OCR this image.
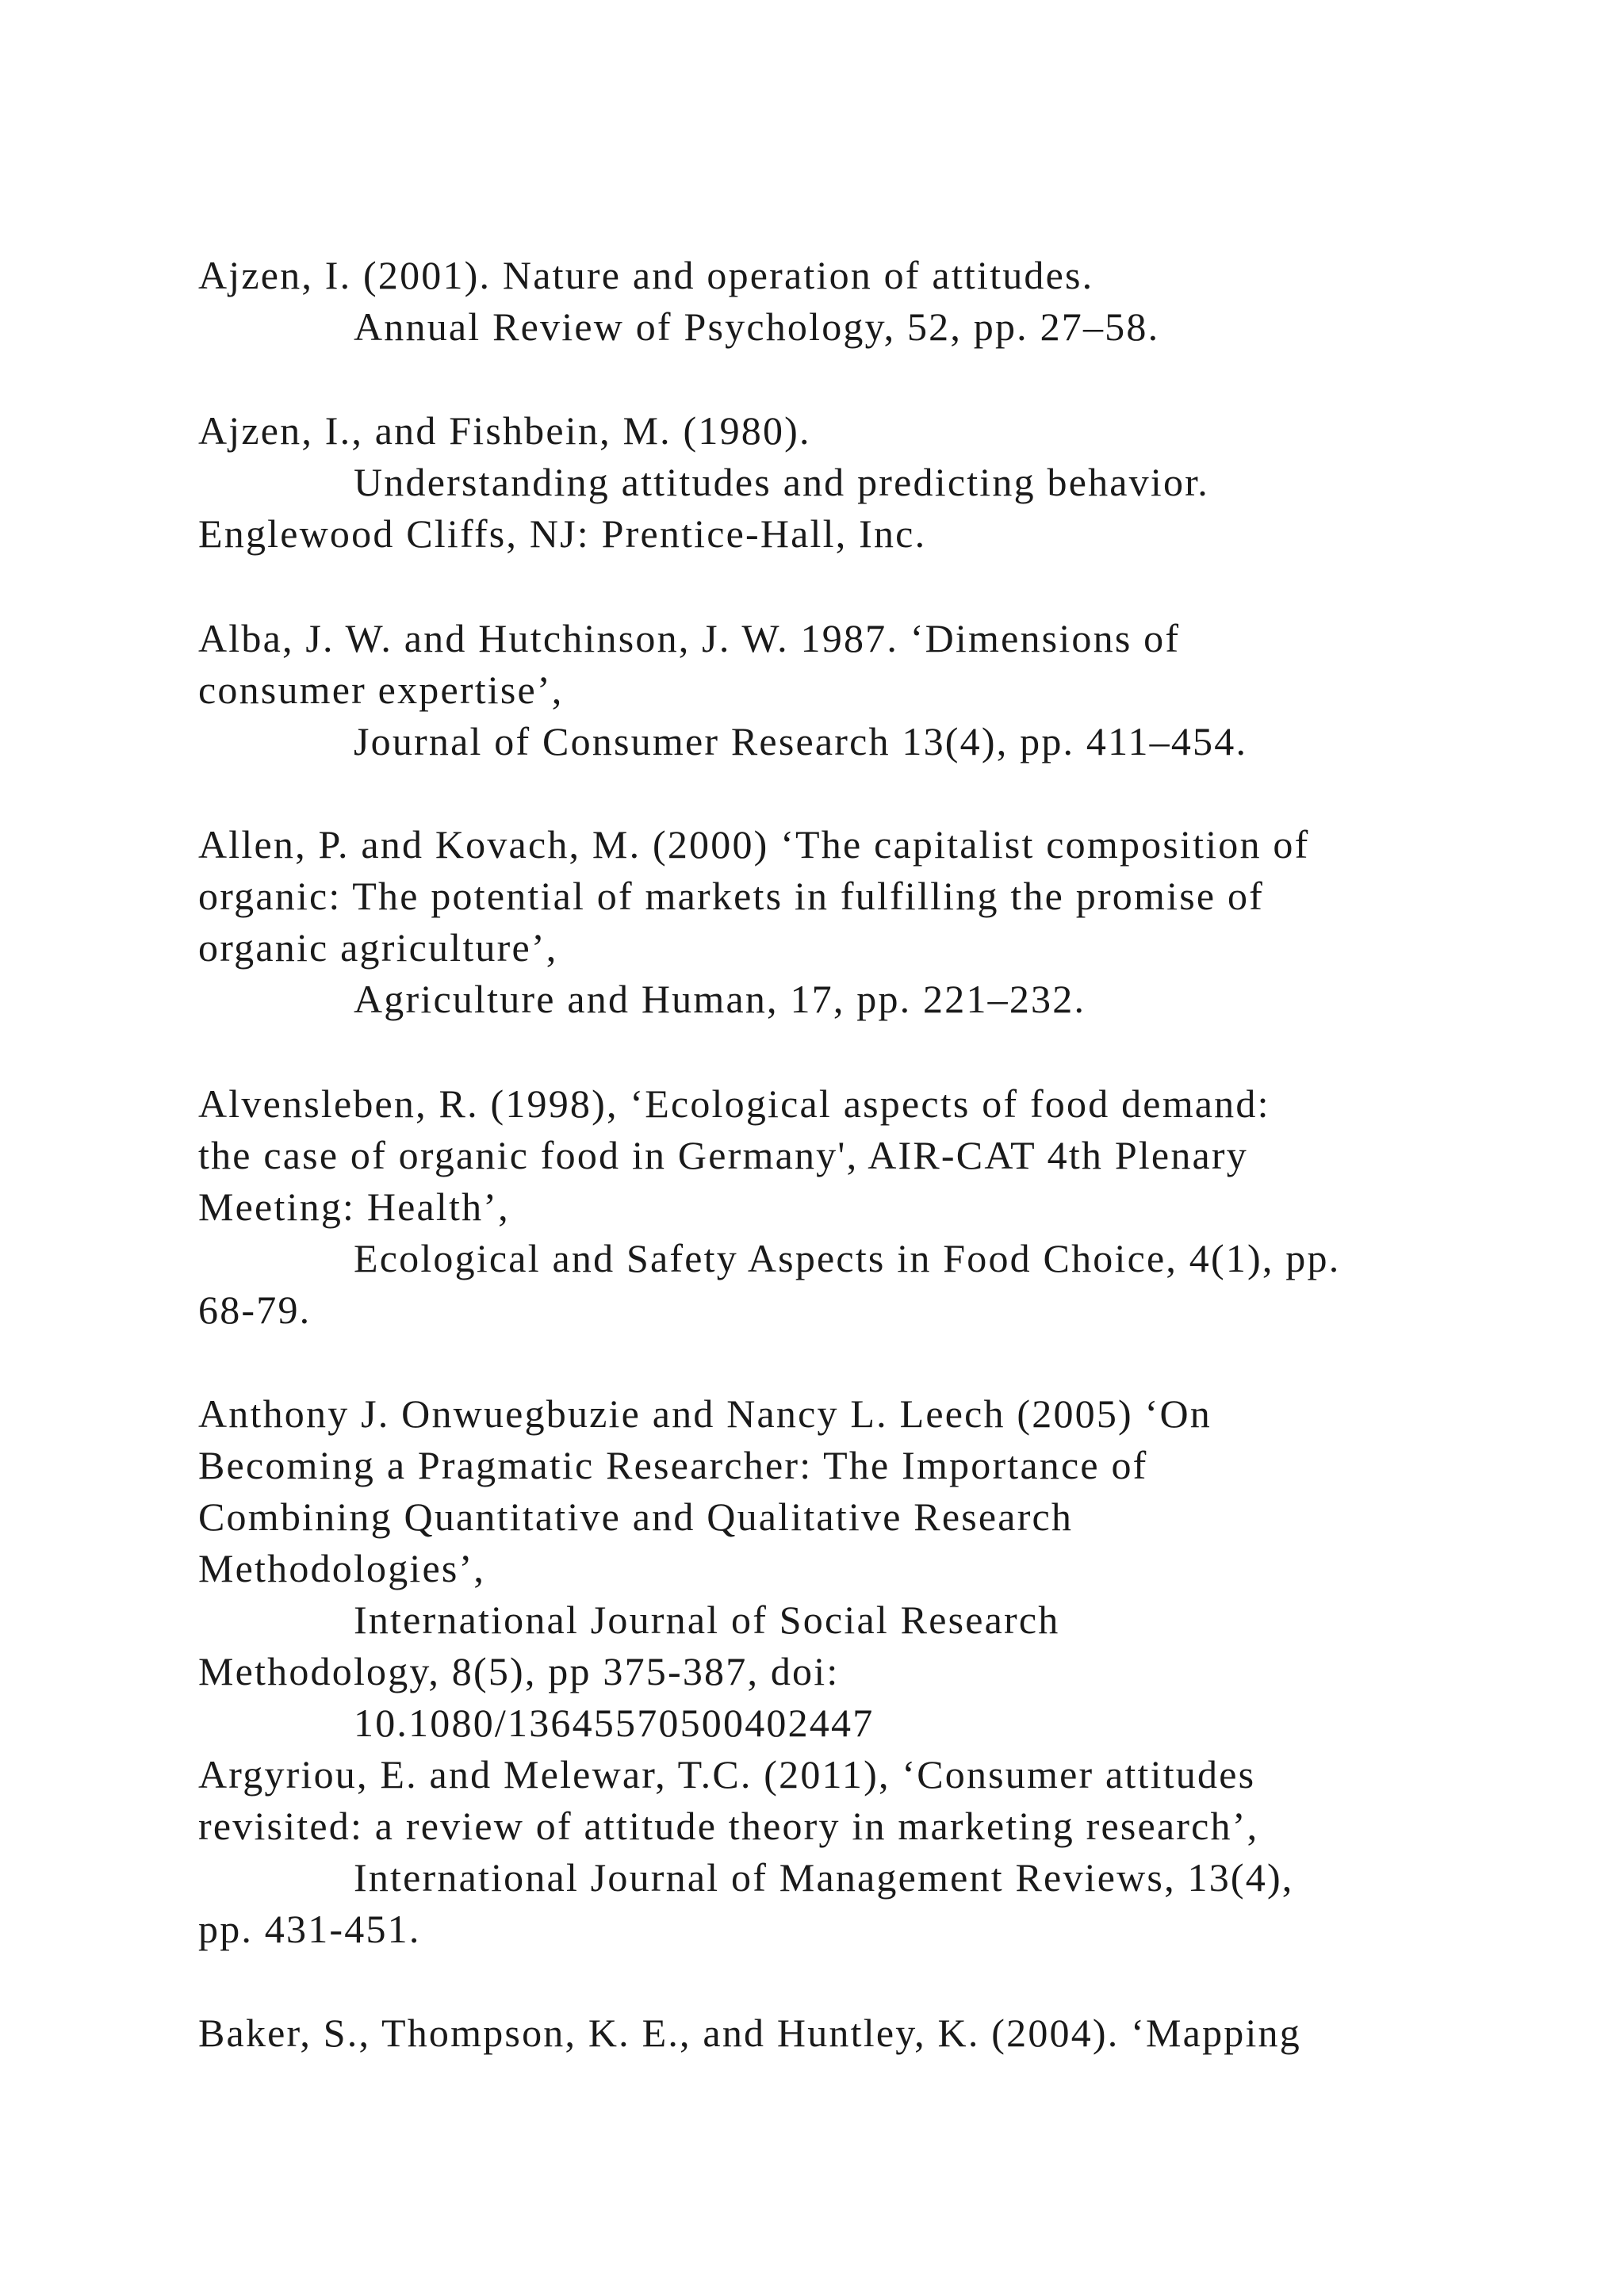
Ajzen, I. (2001). Nature and operation of attitudes.
Annual Review of Psychology, 52, pp. 27–58.
Ajzen, I., and Fishbein, M. (1980).
Understanding attitudes and predicting behavior.
Englewood Cliffs, NJ: Prentice-Hall, Inc.
Alba, J. W. and Hutchinson, J. W. 1987. ‘Dimensions of
consumer expertise’,
Journal of Consumer Research 13(4), pp. 411–454.
Allen, P. and Kovach, M. (2000) ‘The capitalist composition of
organic: The potential of markets in fulfilling the promise of
organic agriculture’,
Agriculture and Human, 17, pp. 221–232.
Alvensleben, R. (1998), ‘Ecological aspects of food demand:
the case of organic food in Germany', AIR-CAT 4th Plenary
Meeting: Health’,
Ecological and Safety Aspects in Food Choice, 4(1), pp.
68-79.
Anthony J. Onwuegbuzie and Nancy L. Leech (2005) ‘On
Becoming a Pragmatic Researcher: The Importance of
Combining Quantitative and Qualitative Research
Methodologies’,
International Journal of Social Research
Methodology, 8(5), pp 375-387, doi:
10.1080/13645570500402447
Argyriou, E. and Melewar, T.C. (2011), ‘Consumer attitudes
revisited: a review of attitude theory in marketing research’,
International Journal of Management Reviews, 13(4),
pp. 431-451.
Baker, S., Thompson, K. E., and Huntley, K. (2004). ‘Mapping
